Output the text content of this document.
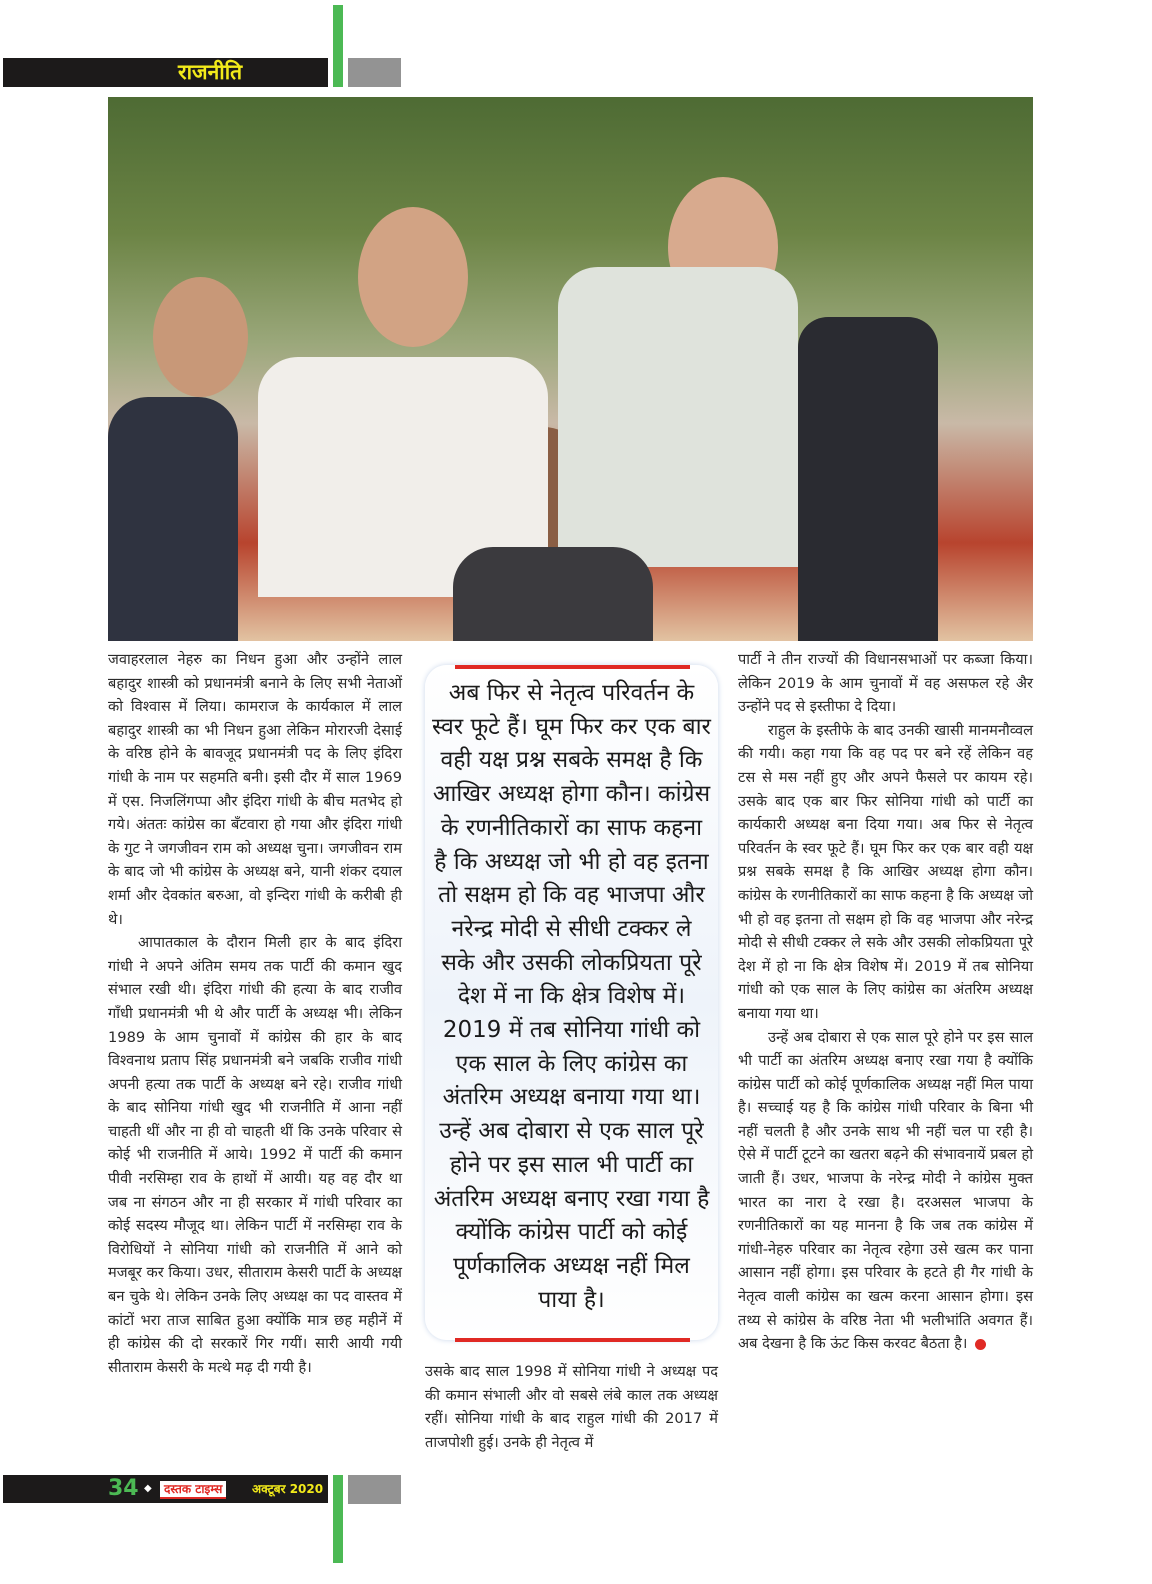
राजनीति

जवाहरलाल नेहरु का निधन हुआ और उन्होंने लाल बहादुर शास्त्री को प्रधानमंत्री बनाने के लिए सभी नेताओं को विश्वास में लिया। कामराज के कार्यकाल में लाल बहादुर शास्त्री का भी निधन हुआ लेकिन मोरारजी देसाई के वरिष्ठ होने के बावजूद प्रधानमंत्री पद के लिए इंदिरा गांधी के नाम पर सहमति बनी। इसी दौर में साल 1969 में एस. निजलिंगप्पा और इंदिरा गांधी के बीच मतभेद हो गये। अंततः कांग्रेस का बँटवारा हो गया और इंदिरा गांधी के गुट ने जगजीवन राम को अध्यक्ष चुना। जगजीवन राम के बाद जो भी कांग्रेस के अध्यक्ष बने, यानी शंकर दयाल शर्मा और देवकांत बरुआ, वो इन्दिरा गांधी के करीबी ही थे।

आपातकाल के दौरान मिली हार के बाद इंदिरा गांधी ने अपने अंतिम समय तक पार्टी की कमान खुद संभाल रखी थी। इंदिरा गांधी की हत्या के बाद राजीव गाँधी प्रधानमंत्री भी थे और पार्टी के अध्यक्ष भी। लेकिन 1989 के आम चुनावों में कांग्रेस की हार के बाद विश्वनाथ प्रताप सिंह प्रधानमंत्री बने जबकि राजीव गांधी अपनी हत्या तक पार्टी के अध्यक्ष बने रहे। राजीव गांधी के बाद सोनिया गांधी खुद भी राजनीति में आना नहीं चाहती थीं और ना ही वो चाहती थीं कि उनके परिवार से कोई भी राजनीति में आये। 1992 में पार्टी की कमान पीवी नरसिम्हा राव के हाथों में आयी। यह वह दौर था जब ना संगठन और ना ही सरकार में गांधी परिवार का कोई सदस्य मौजूद था। लेकिन पार्टी में नरसिम्हा राव के विरोधियों ने सोनिया गांधी को राजनीति में आने को मजबूर कर किया। उधर, सीताराम केसरी पार्टी के अध्यक्ष बन चुके थे। लेकिन उनके लिए अध्यक्ष का पद वास्तव में कांटों भरा ताज साबित हुआ क्योंकि मात्र छह महीनें में ही कांग्रेस की दो सरकारें गिर गयीं। सारी आयी गयी सीताराम केसरी के मत्थे मढ़ दी गयी है।

अब फिर से नेतृत्व परिवर्तन के स्वर फूटे हैं। घूम फिर कर एक बार वही यक्ष प्रश्न सबके समक्ष है कि आखिर अध्यक्ष होगा कौन। कांग्रेस के रणनीतिकारों का साफ कहना है कि अध्यक्ष जो भी हो वह इतना तो सक्षम हो कि वह भाजपा और नरेन्द्र मोदी से सीधी टक्कर ले सके और उसकी लोकप्रियता पूरे देश में ना कि क्षेत्र विशेष में। 2019 में तब सोनिया गांधी को एक साल के लिए कांग्रेस का अंतरिम अध्यक्ष बनाया गया था। उन्हें अब दोबारा से एक साल पूरे होने पर इस साल भी पार्टी का अंतरिम अध्यक्ष बनाए रखा गया है क्योंकि कांग्रेस पार्टी को कोई पूर्णकालिक अध्यक्ष नहीं मिल पाया है।

उसके बाद साल 1998 में सोनिया गांधी ने अध्यक्ष पद की कमान संभाली और वो सबसे लंबे काल तक अध्यक्ष रहीं। सोनिया गांधी के बाद राहुल गांधी की 2017 में ताजपोशी हुई। उनके ही नेतृत्व में

पार्टी ने तीन राज्यों की विधानसभाओं पर कब्जा किया। लेकिन 2019 के आम चुनावों में वह असफल रहे अैर उन्होंने पद से इस्तीफा दे दिया।

राहुल के इस्तीफे के बाद उनकी खासी मानमनौव्वल की गयी। कहा गया कि वह पद पर बने रहें लेकिन वह टस से मस नहीं हुए और अपने फैसले पर कायम रहे। उसके बाद एक बार फिर सोनिया गांधी को पार्टी का कार्यकारी अध्यक्ष बना दिया गया। अब फिर से नेतृत्व परिवर्तन के स्वर फूटे हैं। घूम फिर कर एक बार वही यक्ष प्रश्न सबके समक्ष है कि आखिर अध्यक्ष होगा कौन। कांग्रेस के रणनीतिकारों का साफ कहना है कि अध्यक्ष जो भी हो वह इतना तो सक्षम हो कि वह भाजपा और नरेन्द्र मोदी से सीधी टक्कर ले सके और उसकी लोकप्रियता पूरे देश में हो ना कि क्षेत्र विशेष में। 2019 में तब सोनिया गांधी को एक साल के लिए कांग्रेस का अंतरिम अध्यक्ष बनाया गया था।

उन्हें अब दोबारा से एक साल पूरे होने पर इस साल भी पार्टी का अंतरिम अध्यक्ष बनाए रखा गया है क्योंकि कांग्रेस पार्टी को कोई पूर्णकालिक अध्यक्ष नहीं मिल पाया है। सच्चाई यह है कि कांग्रेस गांधी परिवार के बिना भी नहीं चलती है और उनके साथ भी नहीं चल पा रही है। ऐसे में पार्टी टूटने का खतरा बढ़ने की संभावनायें प्रबल हो जाती हैं। उधर, भाजपा के नरेन्द्र मोदी ने कांग्रेस मुक्त भारत का नारा दे रखा है। दरअसल भाजपा के रणनीतिकारों का यह मानना है कि जब तक कांग्रेस में गांधी-नेहरु परिवार का नेतृत्व रहेगा उसे खत्म कर पाना आसान नहीं होगा। इस परिवार के हटते ही गैर गांधी के नेतृत्व वाली कांग्रेस का खत्म करना आसान होगा। इस तथ्य से कांग्रेस के वरिष्ठ नेता भी भलीभांति अवगत हैं। अब देखना है कि ऊंट किस करवट बैठता है।

34 ◆	दस्तक टाइम्स	अक्टूबर 2020
